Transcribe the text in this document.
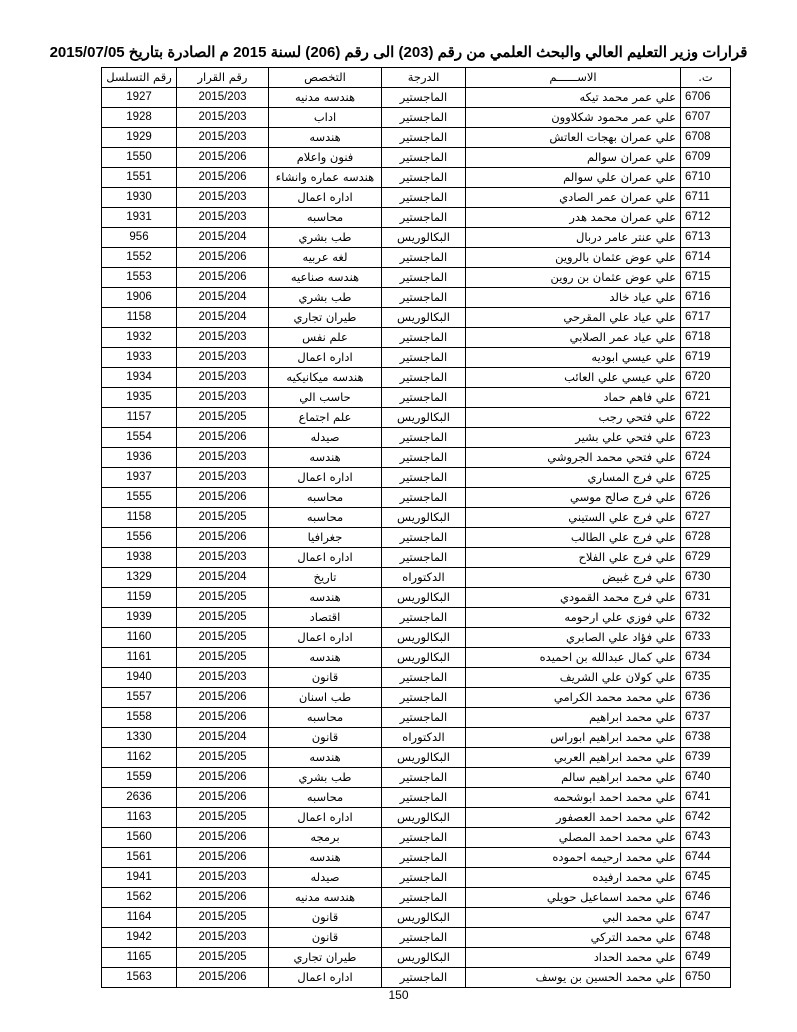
قرارات وزير التعليم العالي والبحث العلمي من رقم (203) الى رقم (206) لسنة 2015 م الصادرة بتاريخ 2015/07/05
ت.	الاســــــم	الدرجة	التخصص	رقم القرار	رقم التسلسل
6706	علي عمر محمد تيكه	الماجستير	هندسه مدنيه	2015/203	1927
6707	علي عمر محمود شكلاوون	الماجستير	اداب	2015/203	1928
6708	علي عمران بهجات العاتش	الماجستير	هندسه	2015/203	1929
6709	علي عمران سوالم	الماجستير	فنون واعلام	2015/206	1550
6710	علي عمران علي سوالم	الماجستير	هندسه عماره وانشاء	2015/206	1551
6711	علي عمران عمر الصادي	الماجستير	اداره اعمال	2015/203	1930
6712	علي عمران محمد هدر	الماجستير	محاسبه	2015/203	1931
6713	علي عنتر عامر دربال	البكالوريس	طب بشري	2015/204	956
6714	علي عوض عثمان بالروين	الماجستير	لغه عربيه	2015/206	1552
6715	علي عوض عثمان بن روين	الماجستير	هندسه صناعيه	2015/206	1553
6716	علي عياد خالد	الماجستير	طب بشري	2015/204	1906
6717	علي عياد علي المقرحي	البكالوريس	طيران تجاري	2015/204	1158
6718	علي عياد عمر الصلابي	الماجستير	علم نفس	2015/203	1932
6719	علي عيسي ابوديه	الماجستير	اداره اعمال	2015/203	1933
6720	علي عيسي علي العائب	الماجستير	هندسه ميكانيكيه	2015/203	1934
6721	علي فاهم حماد	الماجستير	حاسب الي	2015/203	1935
6722	علي فتحي رجب	البكالوريس	علم اجتماع	2015/205	1157
6723	علي فتحي علي بشير	الماجستير	صيدله	2015/206	1554
6724	علي فتحي محمد الجروشي	الماجستير	هندسه	2015/203	1936
6725	علي فرج المساري	الماجستير	اداره اعمال	2015/203	1937
6726	علي فرج صالح موسي	الماجستير	محاسبه	2015/206	1555
6727	علي فرج علي الستيني	البكالوريس	محاسبه	2015/205	1158
6728	علي فرج علي الطالب	الماجستير	جغرافيا	2015/206	1556
6729	علي فرج علي الفلاح	الماجستير	اداره اعمال	2015/203	1938
6730	علي فرج غبيض	الدكتوراه	تاريخ	2015/204	1329
6731	علي فرج محمد القمودي	البكالوريس	هندسه	2015/205	1159
6732	علي فوزي علي ارحومه	الماجستير	اقتصاد	2015/205	1939
6733	علي فؤاد علي الصابري	البكالوريس	اداره اعمال	2015/205	1160
6734	علي كمال عبدالله بن احميده	البكالوريس	هندسه	2015/205	1161
6735	علي كولان علي الشريف	الماجستير	قانون	2015/203	1940
6736	علي محمد محمد الكرامي	الماجستير	طب اسنان	2015/206	1557
6737	علي محمد ابراهيم	الماجستير	محاسبه	2015/206	1558
6738	علي محمد ابراهيم ابوراس	الدكتوراه	قانون	2015/204	1330
6739	علي محمد ابراهيم العربي	البكالوريس	هندسه	2015/205	1162
6740	علي محمد ابراهيم سالم	الماجستير	طب بشري	2015/206	1559
6741	علي محمد احمد ابوشحمه	الماجستير	محاسبه	2015/206	2636
6742	علي محمد احمد العصفور	البكالوريس	اداره اعمال	2015/205	1163
6743	علي محمد احمد المصلي	الماجستير	برمجه	2015/206	1560
6744	علي محمد ارحيمه احموده	الماجستير	هندسه	2015/206	1561
6745	علي محمد ارفيده	الماجستير	صيدله	2015/203	1941
6746	علي محمد اسماعيل حويلي	الماجستير	هندسه مدنيه	2015/206	1562
6747	علي محمد البي	البكالوريس	قانون	2015/205	1164
6748	علي محمد التركي	الماجستير	قانون	2015/203	1942
6749	علي محمد الحداد	البكالوريس	طيران تجاري	2015/205	1165
6750	علي محمد الحسين بن يوسف	الماجستير	اداره اعمال	2015/206	1563
150
